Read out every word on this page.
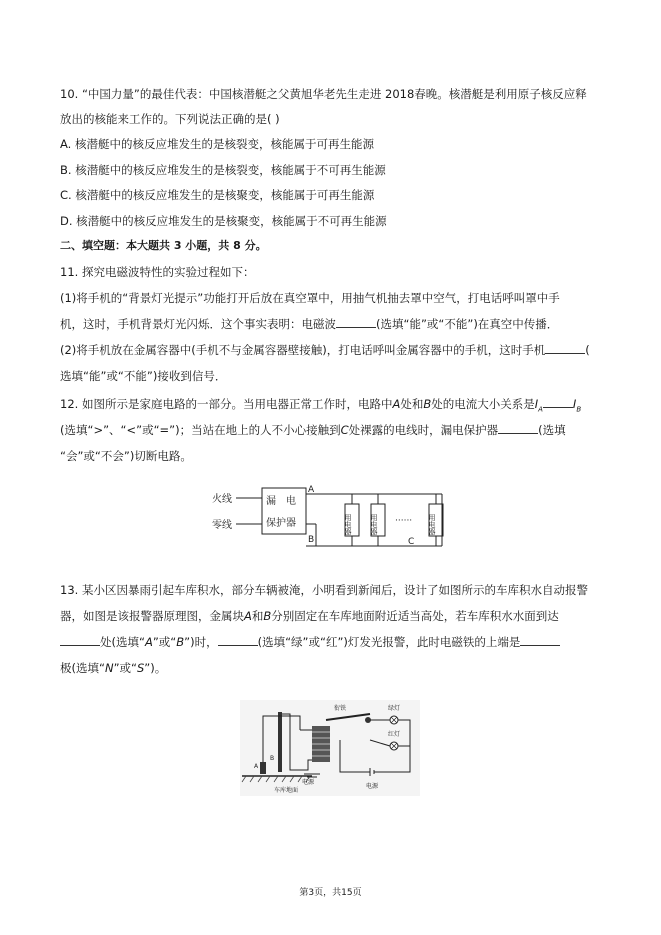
10. “中国力量”的最佳代表：中国核潜艇之父黄旭华老先生走进 2018春晚。核潜艇是利用原子核反应释
放出的核能来工作的。下列说法正确的是( )
A. 核潜艇中的核反应堆发生的是核裂变，核能属于可再生能源
B. 核潜艇中的核反应堆发生的是核裂变，核能属于不可再生能源
C. 核潜艇中的核反应堆发生的是核聚变，核能属于可再生能源
D. 核潜艇中的核反应堆发生的是核聚变，核能属于不可再生能源
二、填空题：本大题共 3 小题，共 8 分。
11. 探究电磁波特性的实验过程如下：
(1)将手机的“背景灯光提示”功能打开后放在真空罩中，用抽气机抽去罩中空气，打电话呼叫罩中手
机，这时，手机背景灯光闪烁．这个事实表明：电磁波	(选填“能”或“不能”)在真空中传播．
(2)将手机放在金属容器中(手机不与金属容器壁接触)，打电话呼叫金属容器中的手机，这时手机	(
选填“能”或“不能”)接收到信号．
12. 如图所示是家庭电路的一部分。当用电器正常工作时，电路中A处和B处的电流大小关系是$I_A$	$I_B$
(选填“>”、“<”或“=”)；当站在地上的人不小心接触到C处裸露的电线时，漏电保护器	(选填
“会”或“不会”)切断电路。
火线
零线
漏　电
保护器
A
B
用电器	用电器 ······ 用电器
C
13. 某小区因暴雨引起车库积水，部分车辆被淹，小明看到新闻后，设计了如图所示的车库积水自动报警
器，如图是该报警器原理图，金属块A和B分别固定在车库地面附近适当高处，若车库积水水面到达
处(选填“A”或“B”)时，	(选填“绿”或“红”)灯发光报警，此时电磁铁的上端是
极(选填“N”或“S”)。
车库地面
A
B
电源
衔铁	绿灯
红灯
电源
第3页，共15页
